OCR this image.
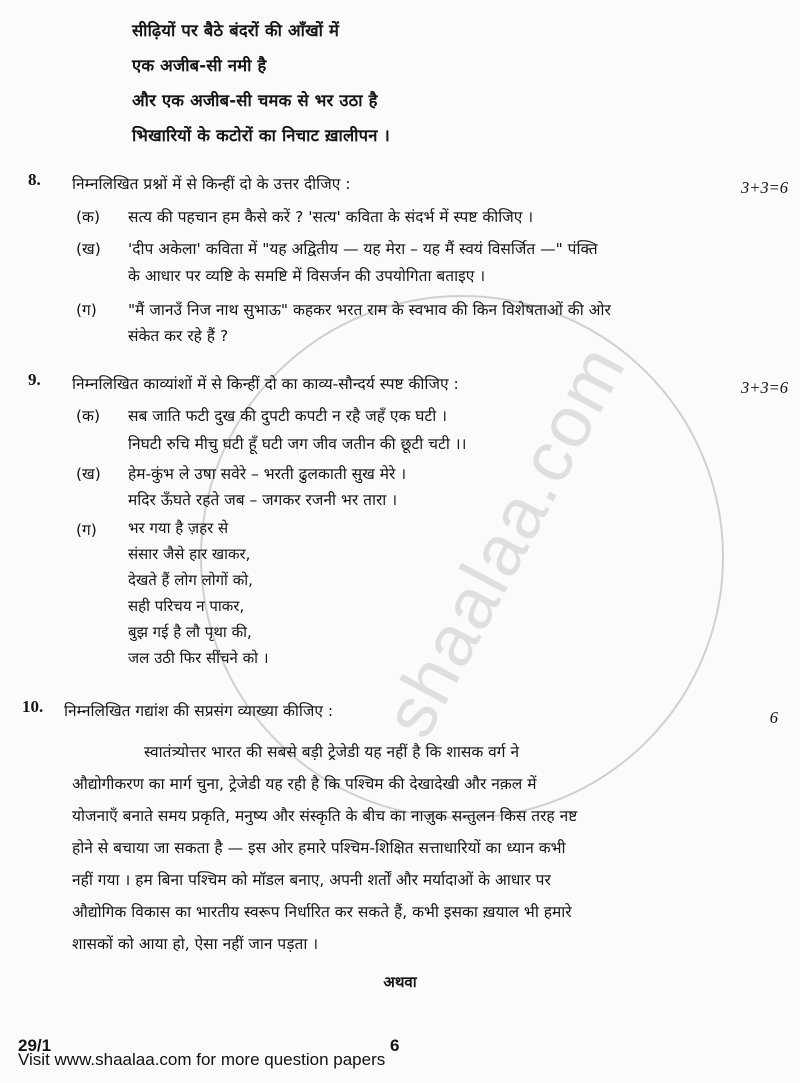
shaalaa.com
सीढ़ियों पर बैठे बंदरों की आँखों में
एक अजीब-सी नमी है
और एक अजीब-सी चमक से भर उठा है
भिखारियों के कटोरों का निचाट ख़ालीपन ।
8. निम्नलिखित प्रश्नों में से किन्हीं दो के उत्तर दीजिए :	3+3=6
(क) सत्य की पहचान हम कैसे करें ? 'सत्य' कविता के संदर्भ में स्पष्ट कीजिए ।
(ख) 'दीप अकेला' कविता में "यह अद्वितीय — यह मेरा – यह मैं स्वयं विसर्जित —" पंक्ति
के आधार पर व्यष्टि के समष्टि में विसर्जन की उपयोगिता बताइए ।
(ग) "मैं जानउँ निज नाथ सुभाऊ" कहकर भरत राम के स्वभाव की किन विशेषताओं की ओर
संकेत कर रहे हैं ?
9. निम्नलिखित काव्यांशों में से किन्हीं दो का काव्य-सौन्दर्य स्पष्ट कीजिए :	3+3=6
(क) सब जाति फटी दुख की दुपटी कपटी न रहै जहँ एक घटी ।
निघटी रुचि मीचु घटी हूँ घटी जग जीव जतीन की छूटी चटी ।।
(ख) हेम-कुंभ ले उषा सवेरे – भरती ढुलकाती सुख मेरे ।
मदिर ऊँघते रहते जब – जगकर रजनी भर तारा ।
(ग) भर गया है ज़हर से
संसार जैसे हार खाकर,
देखते हैं लोग लोगों को,
सही परिचय न पाकर,
बुझ गई है लौ पृथा की,
जल उठी फिर सींचने को ।
10. निम्नलिखित गद्यांश की सप्रसंग व्याख्या कीजिए :	6
स्वातंत्र्योत्तर भारत की सबसे बड़ी ट्रेजेडी यह नहीं है कि शासक वर्ग ने
औद्योगीकरण का मार्ग चुना, ट्रेजेडी यह रही है कि पश्चिम की देखादेखी और नक़ल में
योजनाएँ बनाते समय प्रकृति, मनुष्य और संस्कृति के बीच का नाज़ुक सन्तुलन किस तरह नष्ट
होने से बचाया जा सकता है — इस ओर हमारे पश्चिम-शिक्षित सत्ताधारियों का ध्यान कभी
नहीं गया । हम बिना पश्चिम को मॉडल बनाए, अपनी शर्तों और मर्यादाओं के आधार पर
औद्योगिक विकास का भारतीय स्वरूप निर्धारित कर सकते हैं, कभी इसका ख़याल भी हमारे
शासकों को आया हो, ऐसा नहीं जान पड़ता ।
अथवा
29/1	6
Visit www.shaalaa.com for more question papers
